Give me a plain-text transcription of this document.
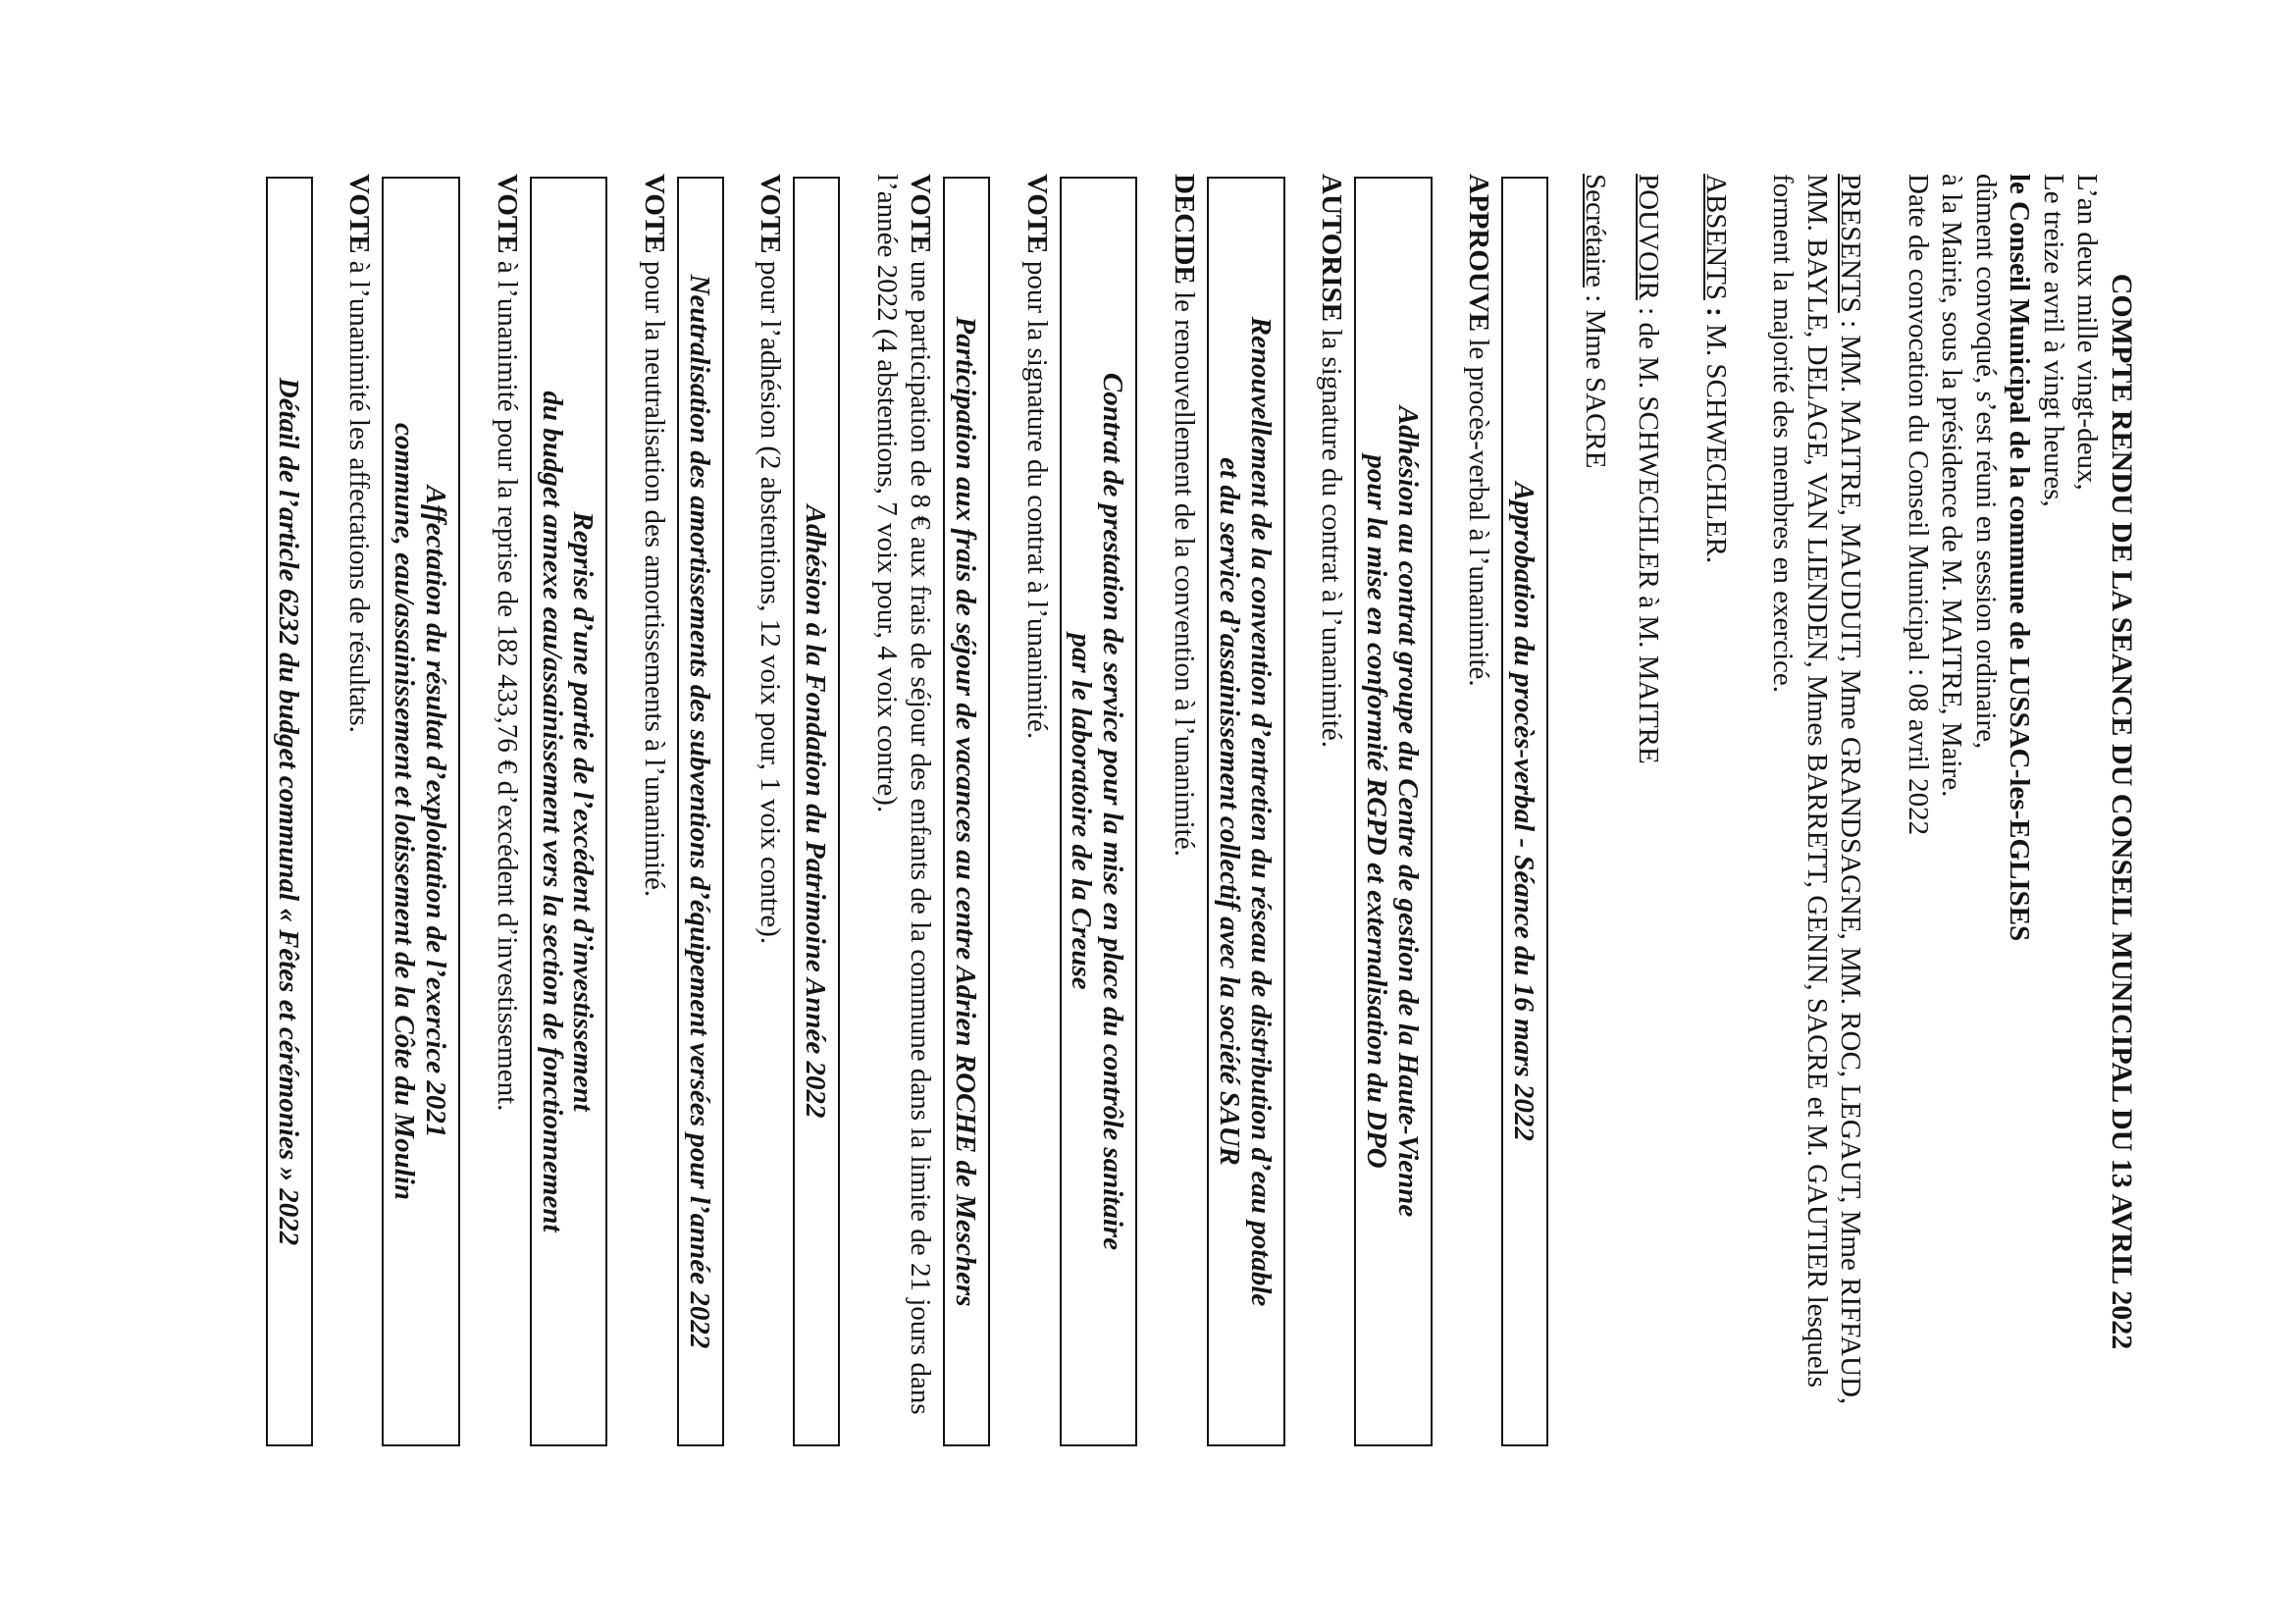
COMPTE RENDU DE LA SEANCE DU CONSEIL MUNICIPAL DU 13 AVRIL 2022

L’an deux mille vingt-deux,

Le treize avril à vingt heures,

le Conseil Municipal de la commune de LUSSAC-les-EGLISES

dûment convoqué, s’est réuni en session ordinaire,

à la Mairie, sous la présidence de M. MAITRE, Maire.

Date de convocation du Conseil Municipal : 08 avril 2022

PRESENTS : MM. MAITRE, MAUDUIT, Mme GRANDSAGNE, MM. ROC, LEGAUT, Mme RIFFAUD, MM. BAYLE, DELAGE, VAN LIENDEN, Mmes BARRETT, GENIN, SACRE et M. GAUTIER lesquels forment la majorité des membres en exercice.

ABSENTS : M. SCHWECHLER.

POUVOIR : de M. SCHWECHLER à M. MAITRE

Secrétaire : Mme SACRE

Approbation du procès-verbal - Séance du 16 mars 2022

APPROUVE le procès-verbal à l’unanimité.

Adhésion au contrat groupe du Centre de gestion de la Haute-Vienne
pour la mise en conformité RGPD et externalisation du DPO

AUTORISE la signature du contrat à l’unanimité.

Renouvellement de la convention d’entretien du réseau de distribution d’eau potable
et du service d’assainissement collectif avec la société SAUR

DECIDE le renouvellement de la convention à l’unanimité.

Contrat de prestation de service pour la mise en place du contrôle sanitaire
par le laboratoire de la Creuse

VOTE pour la signature du contrat à l’unanimité.

Participation aux frais de séjour de vacances au centre Adrien ROCHE de Meschers

VOTE une participation de 8 € aux frais de séjour des enfants de la commune dans la limite de 21 jours dans l’année 2022 (4 abstentions, 7 voix pour, 4 voix contre).

Adhésion à la Fondation du Patrimoine Année 2022

VOTE pour l’adhésion (2 abstentions, 12 voix pour, 1 voix contre).

Neutralisation des amortissements des subventions d’équipement versées pour l’année 2022

VOTE pour la neutralisation des amortissements à l’unanimité.

Reprise d’une partie de l’excédent d’investissement
du budget annexe eau/assainissement vers la section de fonctionnement

VOTE à l’unanimité pour la reprise de 182 433,76 € d’excédent d’investissement.

Affectation du résultat d’exploitation de l’exercice 2021
commune, eau/assainissement et lotissement de la Côte du Moulin

VOTE à l’unanimité les affectations de résultats.

Détail de l’article 6232 du budget communal « Fêtes et cérémonies » 2022
